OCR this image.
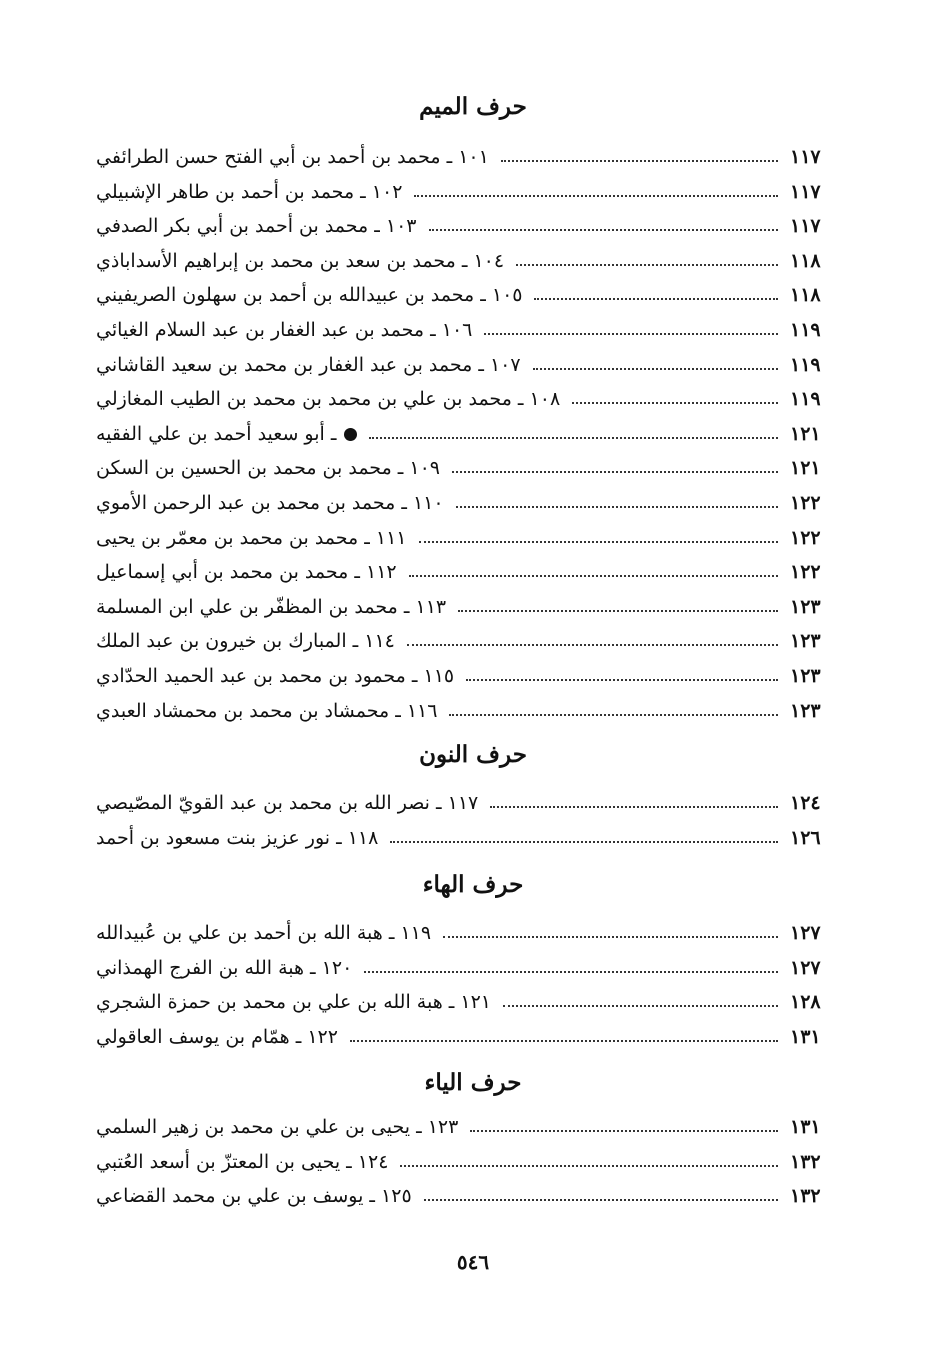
حرف الميم
١٠١ ـ محمد بن أحمد بن أبي الفتح حسن الطرائفي	١١٧
١٠٢ ـ محمد بن أحمد بن طاهر الإشبيلي	١١٧
١٠٣ ـ محمد بن أحمد بن أبي بكر الصدفي	١١٧
١٠٤ ـ محمد بن سعد بن محمد بن إبراهيم الأسداباذي	١١٨
١٠٥ ـ محمد بن عبيدالله بن أحمد بن سهلون الصريفيني	١١٨
١٠٦ ـ محمد بن عبد الغفار بن عبد السلام الغيائي	١١٩
١٠٧ ـ محمد بن عبد الغفار بن محمد بن سعيد القاشاني	١١٩
١٠٨ ـ محمد بن علي بن محمد بن محمد بن الطيب المغازلي	١١٩
ـ أبو سعيد أحمد بن علي الفقيه	١٢١
١٠٩ ـ محمد بن محمد بن الحسين بن السكن	١٢١
١١٠ ـ محمد بن محمد بن عبد الرحمن الأموي	١٢٢
١١١ ـ محمد بن محمد بن معمّر بن يحيى	١٢٢
١١٢ ـ محمد بن محمد بن أبي إسماعيل	١٢٢
١١٣ ـ محمد بن المظفّر بن علي ابن المسلمة	١٢٣
١١٤ ـ المبارك بن خيرون بن عبد الملك	١٢٣
١١٥ ـ محمود بن محمد بن عبد الحميد الحدّادي	١٢٣
١١٦ ـ محمشاد بن محمد بن محمشاد العبدي	١٢٣
حرف النون
١١٧ ـ نصر الله بن محمد بن عبد القويّ المصّيصي	١٢٤
١١٨ ـ نور عزيز بنت مسعود بن أحمد	١٢٦
حرف الهاء
١١٩ ـ هبة الله بن أحمد بن علي بن عُبيدالله	١٢٧
١٢٠ ـ هبة الله بن الفرج الهمذاني	١٢٧
١٢١ ـ هبة الله بن علي بن محمد بن حمزة الشجري	١٢٨
١٢٢ ـ همّام بن يوسف العاقولي	١٣١
حرف الياء
١٢٣ ـ يحيى بن علي بن محمد بن زهير السلمي	١٣١
١٢٤ ـ يحيى بن المعتزّ بن أسعد العُتبي	١٣٢
١٢٥ ـ يوسف بن علي بن محمد القضاعي	١٣٢
٥٤٦
